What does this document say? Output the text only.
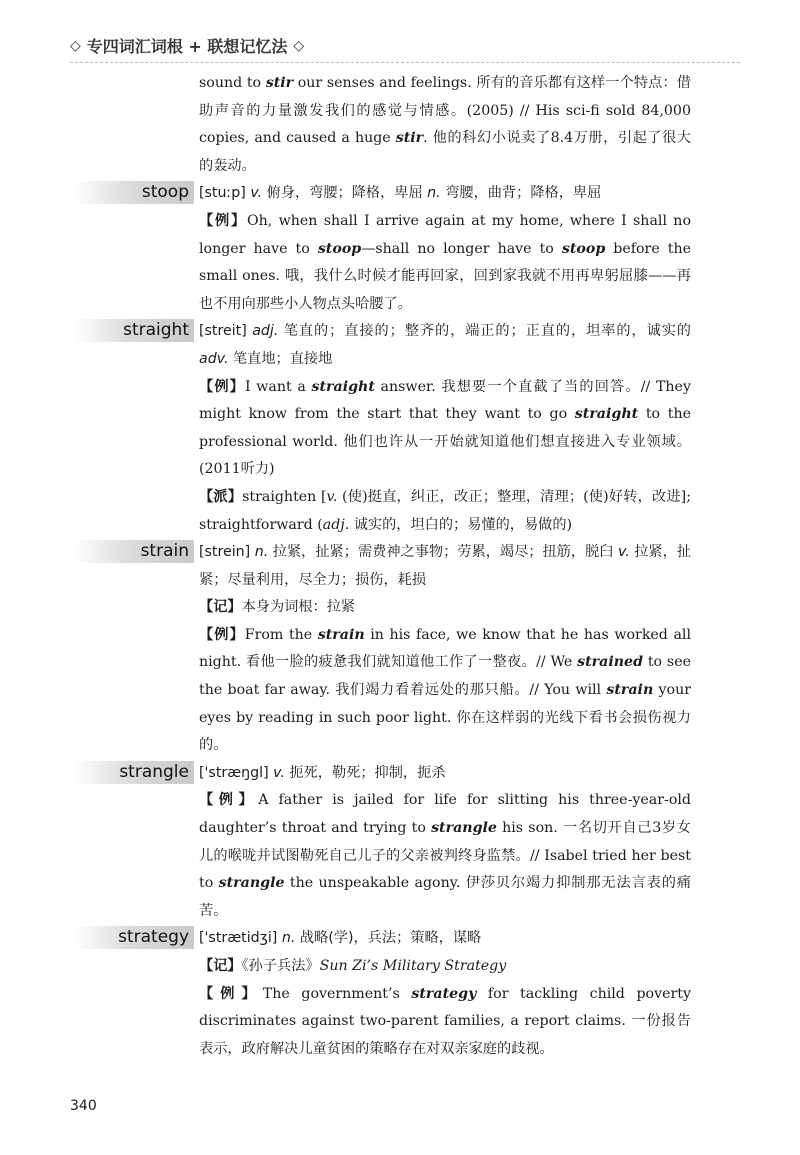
◇ 专四词汇词根 + 联想记忆法 ◇

sound to stir our senses and feelings. 所有的音乐都有这样一个特点：借助声音的力量激发我们的感觉与情感。(2005) // His sci-fi sold 84,000 copies, and caused a huge stir. 他的科幻小说卖了8.4万册，引起了很大的轰动。

stoop [stuːp] v. 俯身，弯腰；降格，卑屈 n. 弯腰，曲背；降格，卑屈

【例】Oh, when shall I arrive again at my home, where I shall no longer have to stoop—shall no longer have to stoop before the small ones. 哦，我什么时候才能再回家，回到家我就不用再卑躬屈膝——再也不用向那些小人物点头哈腰了。

straight [streit] adj. 笔直的；直接的；整齐的，端正的；正直的，坦率的，诚实的 adv. 笔直地；直接地

【例】I want a straight answer. 我想要一个直截了当的回答。// They might know from the start that they want to go straight to the professional world. 他们也许从一开始就知道他们想直接进入专业领域。(2011听力)

【派】straighten [v. (使)挺直，纠正，改正；整理，清理；(使)好转，改进]; straightforward (adj. 诚实的，坦白的；易懂的，易做的)

strain [strein] n. 拉紧，扯紧；需费神之事物；劳累，竭尽；扭筋，脱臼 v. 拉紧，扯紧；尽量利用，尽全力；损伤，耗损

【记】本身为词根：拉紧

【例】From the strain in his face, we know that he has worked all night. 看他一脸的疲惫我们就知道他工作了一整夜。// We strained to see the boat far away. 我们竭力看着远处的那只船。// You will strain your eyes by reading in such poor light. 你在这样弱的光线下看书会损伤视力的。

strangle ['stræŋgl] v. 扼死，勒死；抑制，扼杀

【例】A father is jailed for life for slitting his three-year-old daughter’s throat and trying to strangle his son. 一名切开自己3岁女儿的喉咙并试图勒死自己儿子的父亲被判终身监禁。// Isabel tried her best to strangle the unspeakable agony. 伊莎贝尔竭力抑制那无法言表的痛苦。

strategy ['strætidʒi] n. 战略(学)，兵法；策略，谋略

【记】《孙子兵法》Sun Zi’s Military Strategy

【例】The government’s strategy for tackling child poverty discriminates against two-parent families, a report claims. 一份报告表示，政府解决儿童贫困的策略存在对双亲家庭的歧视。

340
